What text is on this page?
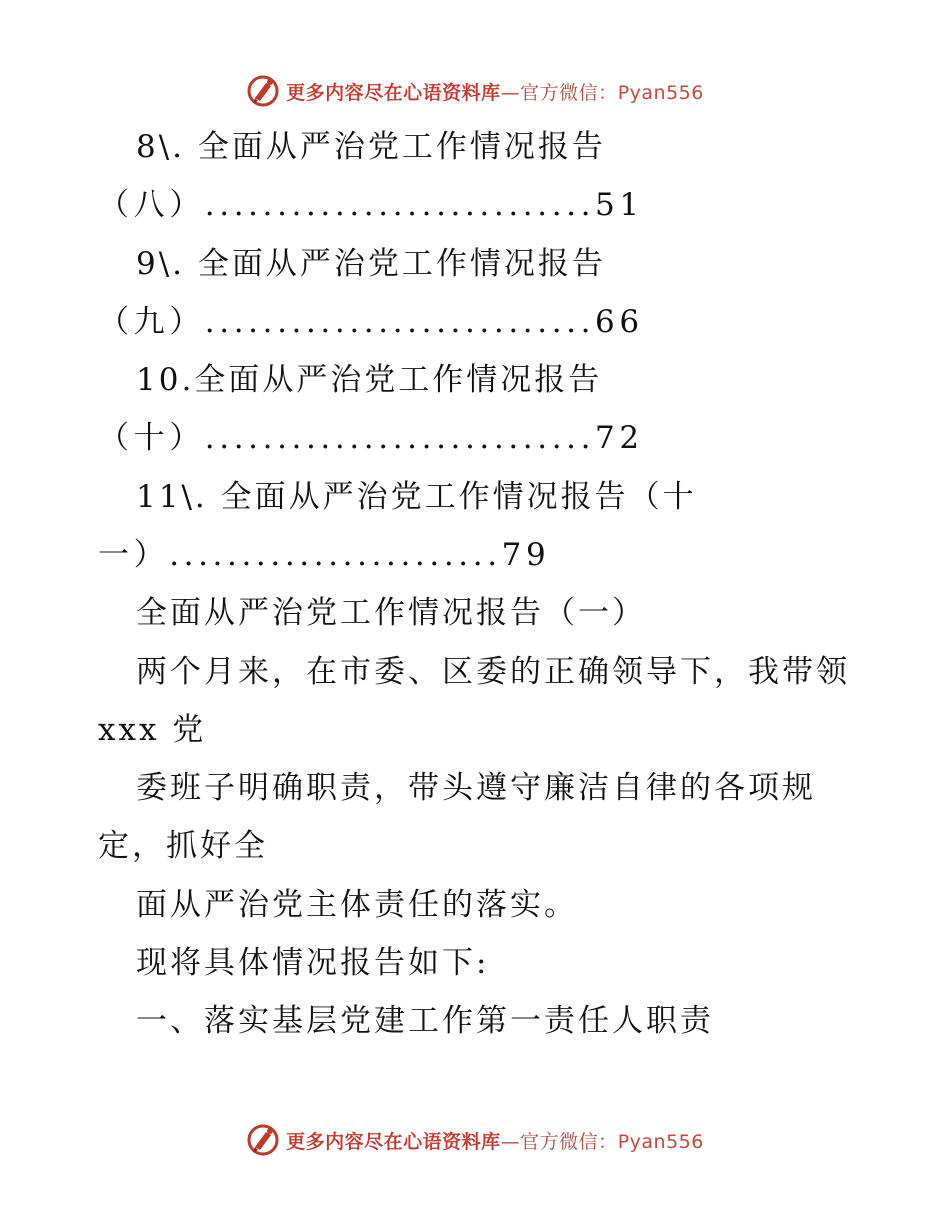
更多内容尽在心语资料库—官方微信：Pyan556
8\. 全面从严治党工作情况报告
（八）...........................51
9\. 全面从严治党工作情况报告
（九）...........................66
10.全面从严治党工作情况报告
（十）...........................72
11\. 全面从严治党工作情况报告（十
一）.......................79
全面从严治党工作情况报告（一）
两个月来，在市委、区委的正确领导下，我带领
xxx 党
委班子明确职责，带头遵守廉洁自律的各项规
定，抓好全
面从严治党主体责任的落实。
现将具体情况报告如下:
一、落实基层党建工作第一责任人职责
更多内容尽在心语资料库—官方微信：Pyan556
